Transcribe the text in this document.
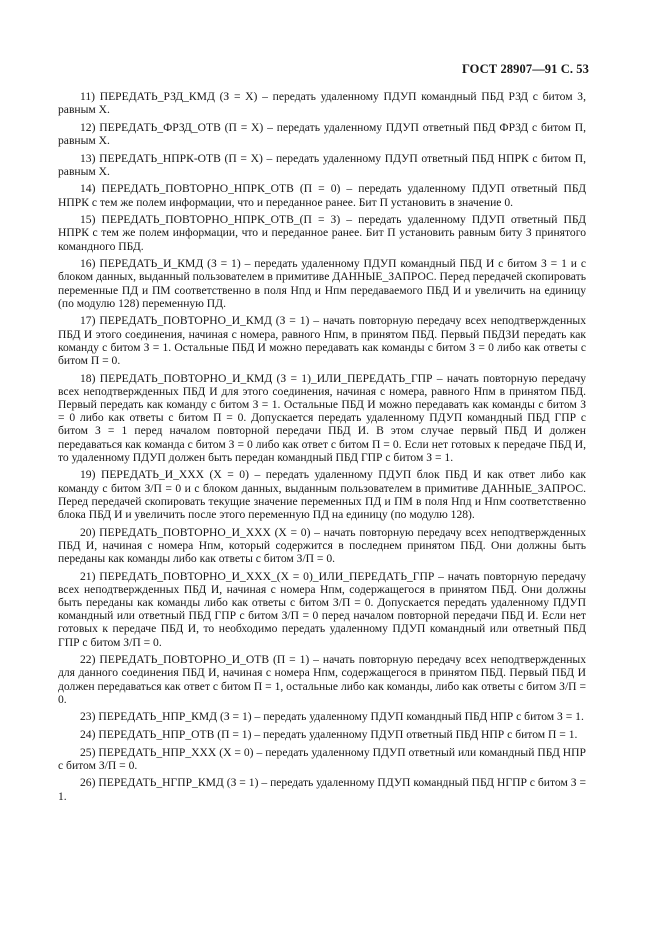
ГОСТ 28907—91 С. 53

11) ПЕРЕДАТЬ_РЗД_КМД (З = X) – передать удаленному ПДУП командный ПБД РЗД с битом З, равным X.

12) ПЕРЕДАТЬ_ФРЗД_ОТВ (П = X) – передать удаленному ПДУП ответный ПБД ФРЗД с битом П, равным X.

13) ПЕРЕДАТЬ_НПРК-ОТВ (П = X) – передать удаленному ПДУП ответный ПБД НПРК с битом П, равным X.

14) ПЕРЕДАТЬ_ПОВТОРНО_НПРК_ОТВ (П = 0) – передать удаленному ПДУП ответный ПБД НПРК с тем же полем информации, что и переданное ранее. Бит П установить в значение 0.

15) ПЕРЕДАТЬ_ПОВТОРНО_НПРК_ОТВ_(П = З) – передать удаленному ПДУП ответный ПБД НПРК с тем же полем информации, что и переданное ранее. Бит П установить равным биту З принятого командного ПБД.

16) ПЕРЕДАТЬ_И_КМД (З = 1) – передать удаленному ПДУП командный ПБД И с битом З = 1 и с блоком данных, выданный пользователем в примитиве ДАННЫЕ_ЗАПРОС. Перед передачей скопировать переменные ПД и ПМ соответственно в поля Нпд и Нпм передаваемого ПБД И и увеличить на единицу (по модулю 128) переменную ПД.

17) ПЕРЕДАТЬ_ПОВТОРНО_И_КМД (З = 1) – начать повторную передачу всех неподтвержденных ПБД И этого соединения, начиная с номера, равного Нпм, в принятом ПБД. Первый ПБДЗИ передать как команду с битом З = 1. Остальные ПБД И можно передавать как команды с битом З = 0 либо как ответы с битом П = 0.

18) ПЕРЕДАТЬ_ПОВТОРНО_И_КМД (З = 1)_ИЛИ_ПЕРЕДАТЬ_ГПР – начать повторную передачу всех неподтвержденных ПБД И для этого соединения, начиная с номера, равного Нпм в принятом ПБД. Первый передать как команду с битом З = 1. Остальные ПБД И можно передавать как команды с битом З = 0 либо как ответы с битом П = 0. Допускается передать удаленному ПДУП командный ПБД ГПР с битом З = 1 перед началом повторной передачи ПБД И. В этом случае первый ПБД И должен передаваться как команда с битом З = 0 либо как ответ с битом П = 0. Если нет готовых к передаче ПБД И, то удаленному ПДУП должен быть передан командный ПБД ГПР с битом З = 1.

19) ПЕРЕДАТЬ_И_XXX (X = 0) – передать удаленному ПДУП блок ПБД И как ответ либо как команду с битом З/П = 0 и с блоком данных, выданным пользователем в примитиве ДАННЫЕ_ЗАПРОС. Перед передачей скопировать текущие значение переменных ПД и ПМ в поля Нпд и Нпм соответственно блока ПБД И и увеличить после этого переменную ПД на единицу (по модулю 128).

20) ПЕРЕДАТЬ_ПОВТОРНО_И_XXX (X = 0) – начать повторную передачу всех неподтвержденных ПБД И, начиная с номера Нпм, который содержится в последнем принятом ПБД. Они должны быть переданы как команды либо как ответы с битом З/П = 0.

21) ПЕРЕДАТЬ_ПОВТОРНО_И_XXX_(X = 0)_ИЛИ_ПЕРЕДАТЬ_ГПР – начать повторную передачу всех неподтвержденных ПБД И, начиная с номера Нпм, содержащегося в принятом ПБД. Они должны быть переданы как команды либо как ответы с битом З/П = 0. Допускается передать удаленному ПДУП командный или ответный ПБД ГПР с битом З/П = 0 перед началом повторной передачи ПБД И. Если нет готовых к передаче ПБД И, то необходимо передать удаленному ПДУП командный или ответный ПБД ГПР с битом З/П = 0.

22) ПЕРЕДАТЬ_ПОВТОРНО_И_ОТВ (П = 1) – начать повторную передачу всех неподтвержденных для данного соединения ПБД И, начиная с номера Нпм, содержащегося в принятом ПБД. Первый ПБД И должен передаваться как ответ с битом П = 1, остальные либо как команды, либо как ответы с битом З/П = 0.

23) ПЕРЕДАТЬ_НПР_КМД (З = 1) – передать удаленному ПДУП командный ПБД НПР с битом З = 1.

24) ПЕРЕДАТЬ_НПР_ОТВ (П = 1) – передать удаленному ПДУП ответный ПБД НПР с битом П = 1.

25) ПЕРЕДАТЬ_НПР_XXX (X = 0) – передать удаленному ПДУП ответный или командный ПБД НПР с битом З/П = 0.

26) ПЕРЕДАТЬ_НГПР_КМД (З = 1) – передать удаленному ПДУП командный ПБД НГПР с битом З = 1.
